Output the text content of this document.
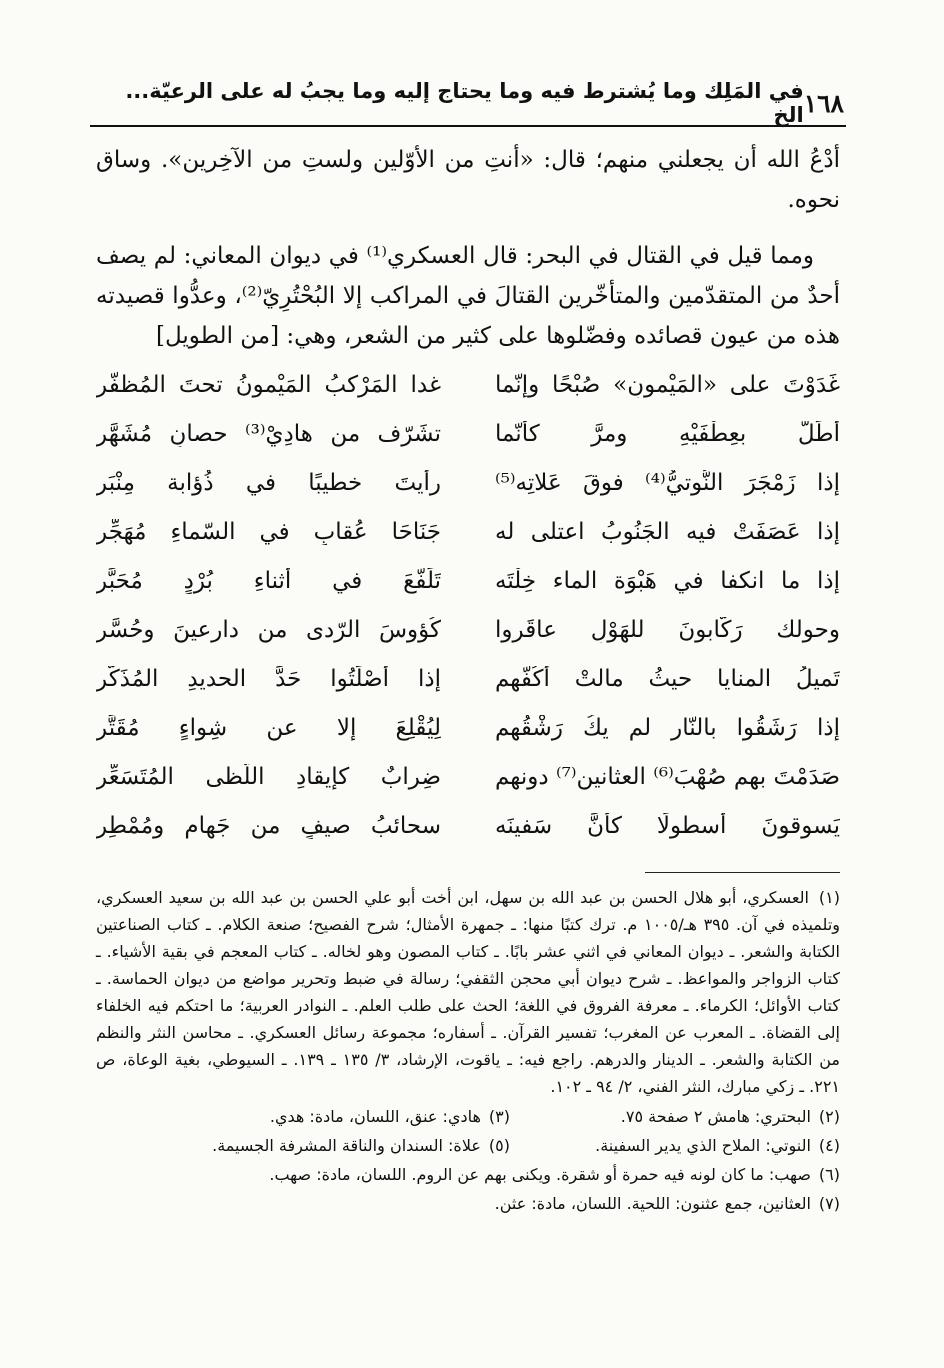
١٦٨
في المَلِك وما يُشترط فيه وما يحتاج إليه وما يجبُ له على الرعيّة... الخ

أدْعُ الله أن يجعلني منهم؛ قال: «أنتِ من الأوّلين ولستِ من الآخِرين». وساق نحوه.

ومما قيل في القتال في البحر: قال العسكري⁽¹⁾ في ديوان المعاني: لم يصف أحدٌ من المتقدّمين والمتأخّرين القتالَ في المراكب إلا البُحْتُرِيّ⁽²⁾، وعدُّوا قصيدته هذه من عيون قصائده وفضّلوها على كثير من الشعر، وهي: [من الطويل]

غَدَوْتَ على «المَيْمونِ» صُبْحًا وإنّما
غدا المَرْكبُ المَيْمونُ تحتَ المُظفَّرِ
أطَلَّ بعِطْفَيْهِ ومرَّ كأنّما
تشَرّف من هادِيْ⁽³⁾ حصانٍ مُشَهَّرِ
إذا زَمْجَرَ النُّوتيُّ⁽⁴⁾ فوقَ عَلاتِه⁽⁵⁾
رأيتَ خطيبًا في ذُؤابة مِنْبَرِ
إذا عَصَفَتْ فيه الجَنُوبُ اعتلى له
جَنَاحَا عُقابٍ في السّماءِ مُهَجِّرِ
إذا ما انكفا في هَبْوَة الماء خِلْتَه
تَلَفَّعَ في أثناءِ بُرْدٍ مُحَبَّرِ
وحولك رَكّابونَ للهَوْلِ عاقَروا
كُؤوسَ الرّدى من دارعينَ وحُسَّرِ
تَميلُ المنايا حيثُ مالتْ أكُفُّهم
إذا أصْلَتُوا حَدَّ الحديدِ المُذَكَّرِ
إذا رَشَقُوا بالنّارِ لم يكُ رَشْقُهم
لِيُقْلِعَ إلا عن شِواءٍ مُقَتَّرِ
صَدَمْتَ بهم صُهْبَ⁽⁶⁾ العثانينِ⁽⁷⁾ دونهم
ضِرابٌ كإيقادِ اللّظى المُتَسَعِّرِ
يَسوقونَ أسطولًا كأنَّ سَفينَه
سحائبُ صيفٍ من جَهامٍ ومُمْطِرِ

(١)العسكري، أبو هلال الحسن بن عبد الله بن سهل، ابن أخت أبو علي الحسن بن عبد الله بن سعيد العسكري، وتلميذه في آن. ٣٩٥ هـ/١٠٠٥ م. ترك كتبًا منها: ـ جمهرة الأمثال؛ شرح الفصيح؛ صنعة الكلام. ـ كتاب الصناعتين الكتابة والشعر. ـ ديوان المعاني في اثني عشر بابًا. ـ كتاب المصون وهو لخاله. ـ كتاب المعجم في بقية الأشياء. ـ كتاب الزواجر والمواعظ. ـ شرح ديوان أبي محجن الثقفي؛ رسالة في ضبط وتحرير مواضع من ديوان الحماسة. ـ كتاب الأوائل؛ الكرماء. ـ معرفة الفروق في اللغة؛ الحث على طلب العلم. ـ النوادر العربية؛ ما احتكم فيه الخلفاء إلى القضاة. ـ المعرب عن المغرب؛ تفسير القرآن. ـ أسفاره؛ مجموعة رسائل العسكري. ـ محاسن النثر والنظم من الكتابة والشعر. ـ الدينار والدرهم. راجع فيه: ـ ياقوت، الإرشاد، ٣/ ١٣٥ ـ ١٣٩. ـ السيوطي، بغية الوعاة، ص ٢٢١. ـ زكي مبارك، النثر الفني، ٢/ ٩٤ ـ ١٠٢.

(٢)البحتري: هامش ٢ صفحة ٧٥.
(٣)هادي: عنق، اللسان، مادة: هدي.
(٤)النوتي: الملاح الذي يدير السفينة.
(٥)علاة: السندان والناقة المشرفة الجسيمة.
(٦)
صهب: ما كان لونه فيه حمرة أو شقرة. ويكنى بهم عن الروم. اللسان، مادة: صهب.
(٧)
العثانين، جمع عثنون: اللحية. اللسان، مادة: عثن.
